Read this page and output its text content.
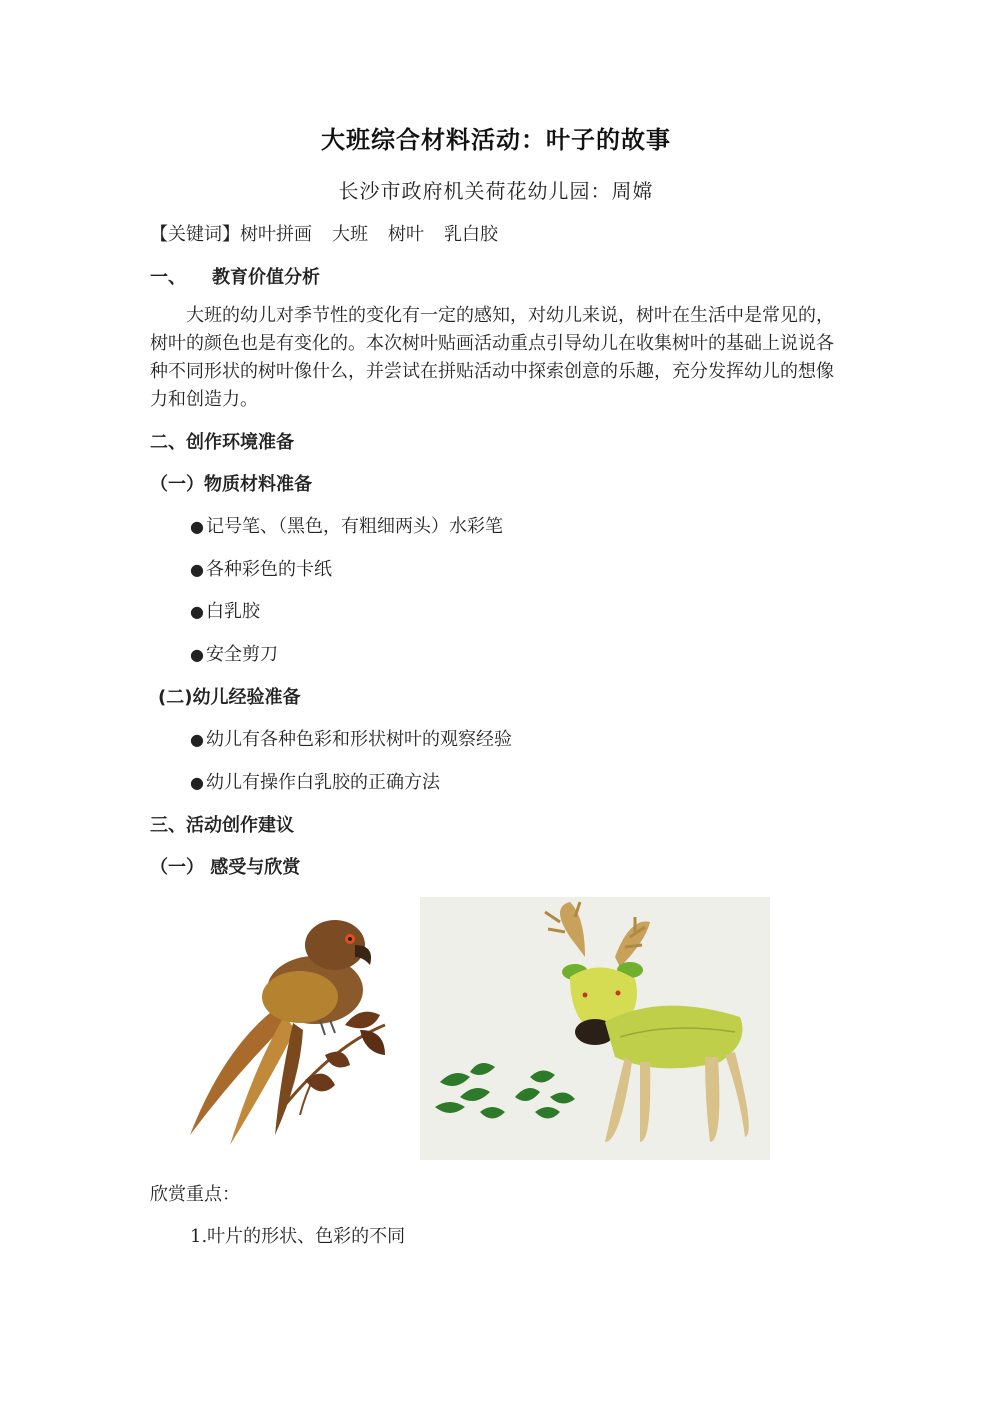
大班综合材料活动：叶子的故事
长沙市政府机关荷花幼儿园：周嫦
【关键词】树叶拼画 大班 树叶 乳白胶
一、 教育价值分析
大班的幼儿对季节性的变化有一定的感知，对幼儿来说，树叶在生活中是常见的，树叶的颜色也是有变化的。本次树叶贴画活动重点引导幼儿在收集树叶的基础上说说各种不同形状的树叶像什么，并尝试在拼贴活动中探索创意的乐趣，充分发挥幼儿的想像力和创造力。
二、创作环境准备
（一）物质材料准备
● 记号笔、（黑色，有粗细两头）水彩笔
● 各种彩色的卡纸
● 白乳胶
● 安全剪刀
(二)幼儿经验准备
● 幼儿有各种色彩和形状树叶的观察经验
● 幼儿有操作白乳胶的正确方法
三、活动创作建议
（一） 感受与欣赏
欣赏重点：
1.叶片的形状、色彩的不同
